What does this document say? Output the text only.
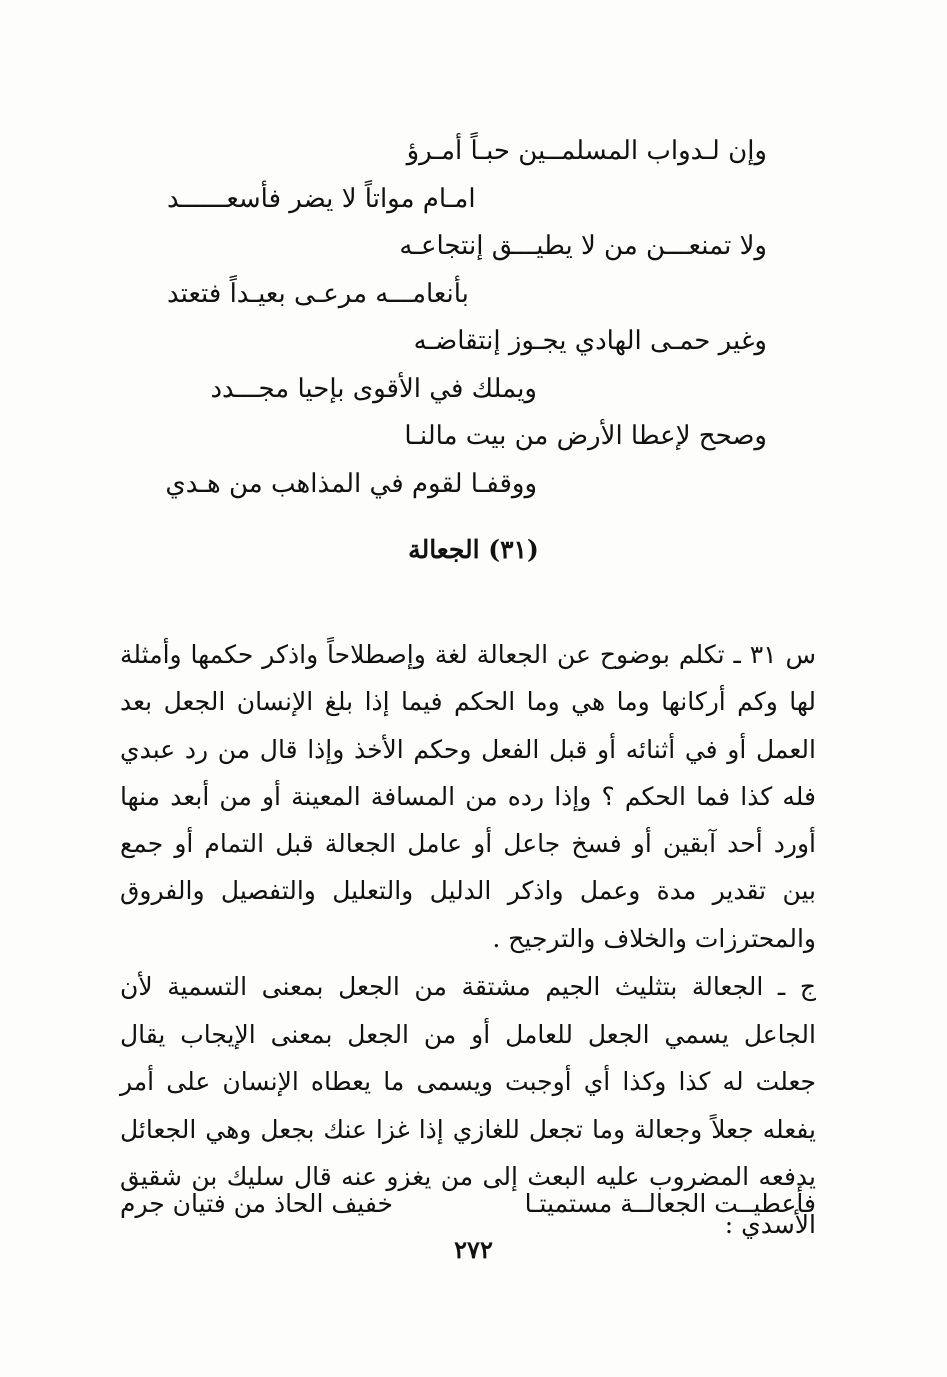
وإن لـدواب المسلمــين حبـاً أمـرؤ
امـام مواتاً لا يضر فأسعــــــد
ولا تمنعـــن من لا يطيـــق إنتجاعـه
بأنعامـــه مرعـى بعيـداً فتعتد
وغير حمـى الهادي يجـوز إنتقاضـه
ويملك في الأقوى بإحيا مجـــدد
وصحح لإعطا الأرض من بيت مالنـا
ووقفـا لقوم في المذاهب من هـدي
(٣١) الجعالة

س ٣١ ـ تكلم بوضوح عن الجعالة لغة وإصطلاحاً واذكر حكمها وأمثلة لها وكم أركانها وما هي وما الحكم فيما إذا بلغ الإنسان الجعل بعد العمل أو في أثنائه أو قبل الفعل وحكم الأخذ وإذا قال من رد عبدي فله كذا فما الحكم ؟ وإذا رده من المسافة المعينة أو من أبعد منها أورد أحد آبقين أو فسخ جاعل أو عامل الجعالة قبل التمام أو جمع بين تقدير مدة وعمل واذكر الدليل والتعليل والتفصيل والفروق والمحترزات والخلاف والترجيح .

ج ـ الجعالة بتثليث الجيم مشتقة من الجعل بمعنى التسمية لأن الجاعل يسمي الجعل للعامل أو من الجعل بمعنى الإيجاب يقال جعلت له كذا وكذا أي أوجبت ويسمى ما يعطاه الإنسان على أمر يفعله جعلاً وجعالة وما تجعل للغازي إذا غزا عنك بجعل وهي الجعائل يدفعه المضروب عليه البعث إلى من يغزو عنه قال سليك بن شقيق الأسدي :

فأعطيــت الجعالــة مستميتـا
خفيف الحاذ من فتيان جرم
٢٧٢
